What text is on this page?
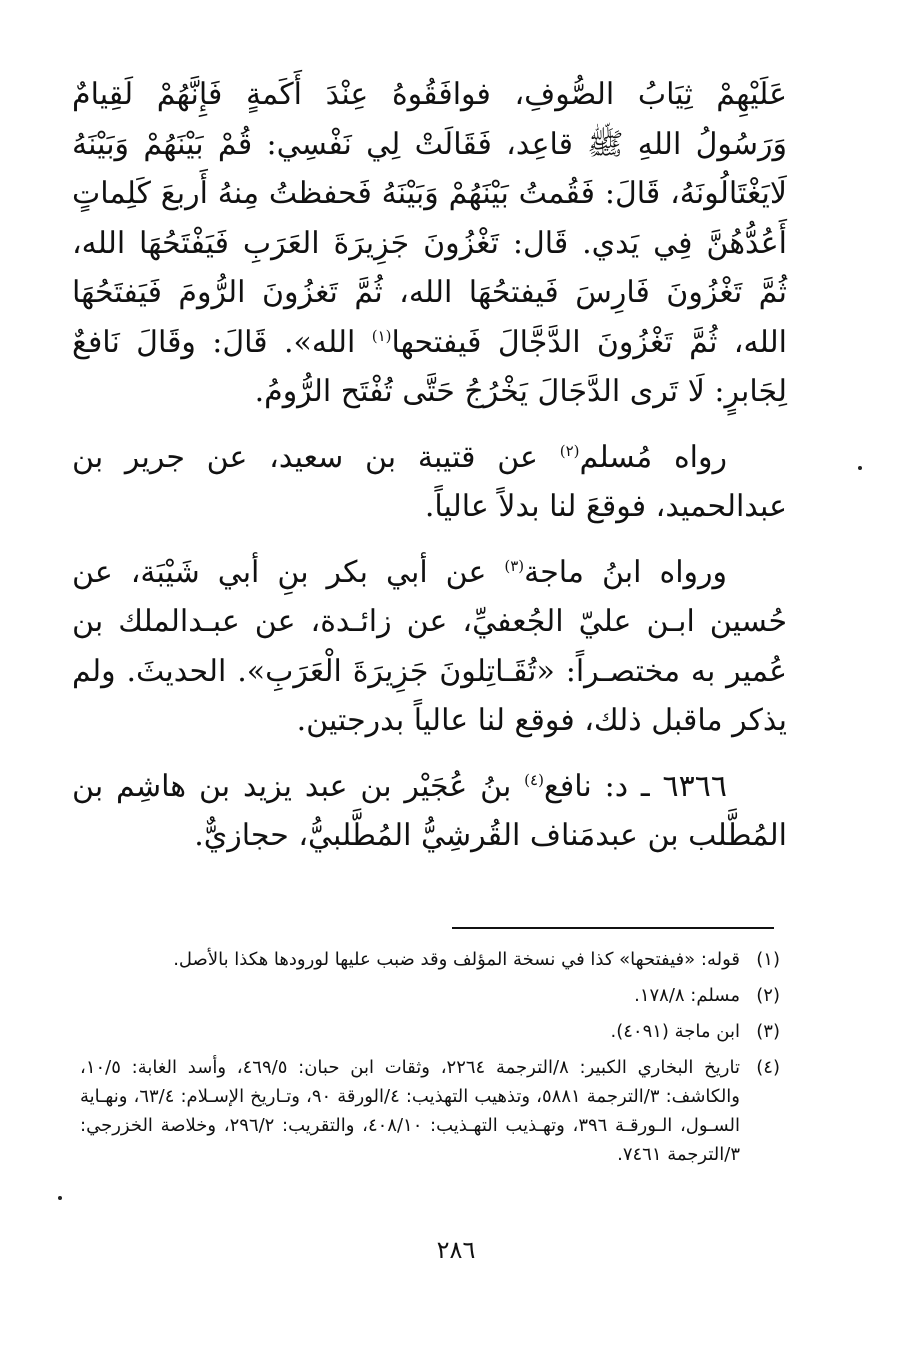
عَلَيْهِمْ ثِيَابُ الصُّوفِ، فوافَقُوهُ عِنْدَ أَكَمةٍ فَإِنَّهُمْ لَقِيامٌ وَرَسُولُ اللهِ ﷺ قاعِد، فَقَالَتْ لِي نَفْسِي: قُمْ بَيْنَهُمْ وَبَيْنَهُ لَايَغْتَالُونَهُ، قَالَ: فَقُمتُ بَيْنَهُمْ وَبَيْنَهُ فَحفظتُ مِنهُ أَربعَ كَلِماتٍ أَعُدُّهُنَّ فِي يَدي. قَال: تَغْزُونَ جَزِيرَةَ العَرَبِ فَيَفْتَحُهَا الله، ثُمَّ تَغْزُونَ فَارِسَ فَيفتحُهَا الله، ثُمَّ تَغزُونَ الرُّومَ فَيَفتَحُهَا الله، ثُمَّ تَغْزُونَ الدَّجَّالَ فَيفتحها$^{(١)}$ الله». قَالَ: وقَالَ نَافعٌ لِجَابرٍ: لَا تَرى الدَّجَالَ يَخْرُجُ حَتَّى تُفْتَح الرُّومُ.

رواه مُسلم$^{(٢)}$ عن قتيبة بن سعيد، عن جرير بن عبدالحميد، فوقعَ لنا بدلاً عالياً.

ورواه ابنُ ماجة$^{(٣)}$ عن أبي بكر بنِ أبي شَيْبَة، عن حُسين ابـن عليّ الجُعفيِّ، عن زائـدة، عن عبـدالملك بن عُمير به مختصـراً: «تُقَـاتِلونَ جَزِيرَةَ الْعَرَبِ». الحديثَ. ولم يذكر ماقبل ذلك، فوقع لنا عالياً بدرجتين.

٦٣٦٦ ـ د: نافع$^{(٤)}$ بنُ عُجَيْر بن عبد يزيد بن هاشِم بن المُطَّلب بن عبدمَناف القُرشِيُّ المُطَّلبيُّ، حجازيٌّ.

(١)
قوله: «فيفتحها» كذا في نسخة المؤلف وقد ضبب عليها لورودها هكذا بالأصل.
(٢)
مسلم: ١٧٨/٨.
(٣)
ابن ماجة (٤٠٩١).
(٤)
تاريخ البخاري الكبير: ٨/الترجمة ٢٢٦٤، وثقات ابن حبان: ٤٦٩/٥، وأسد الغابة: ١٠/٥، والكاشف: ٣/الترجمة ٥٨٨١، وتذهيب التهذيب: ٤/الورقة ٩٠، وتـاريخ الإسـلام: ٦٣/٤، ونهـاية السـول، الـورقـة ٣٩٦، وتهـذيب التهـذيب: ٤٠٨/١٠، والتقريب: ٢٩٦/٢، وخلاصة الخزرجي: ٣/الترجمة ٧٤٦١.
٢٨٦
